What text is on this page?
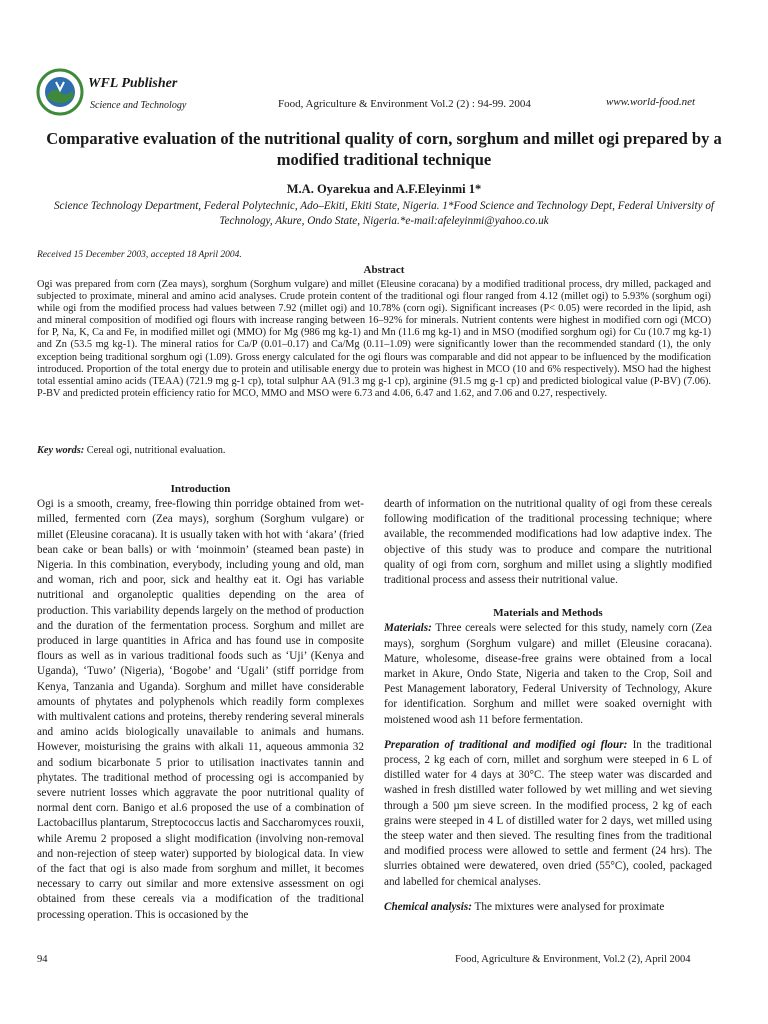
WFL Publisher
Science and Technology	Food, Agriculture & Environment Vol.2 (2) : 94-99. 2004	www.world-food.net
Comparative evaluation of the nutritional quality of corn, sorghum and millet ogi prepared by a modified traditional technique
M.A. Oyarekua and A.F.Eleyinmi 1*
Science Technology Department, Federal Polytechnic, Ado–Ekiti, Ekiti State, Nigeria. 1*Food Science and Technology Dept, Federal University of Technology, Akure, Ondo State, Nigeria.*e-mail:afeleyinmi@yahoo.co.uk
Received 15 December 2003, accepted 18 April 2004.
Abstract
Ogi was prepared from corn (Zea mays), sorghum (Sorghum vulgare) and millet (Eleusine coracana) by a modified traditional process, dry milled, packaged and subjected to proximate, mineral and amino acid analyses. Crude protein content of the traditional ogi flour ranged from 4.12 (millet ogi) to 5.93% (sorghum ogi) while ogi from the modified process had values between 7.92 (millet ogi) and 10.78% (corn ogi). Significant increases (P< 0.05) were recorded in the lipid, ash and mineral composition of modified ogi flours with increase ranging between 16–92% for minerals. Nutrient contents were highest in modified corn ogi (MCO) for P, Na, K, Ca and Fe, in modified millet ogi (MMO) for Mg (986 mg kg-1) and Mn (11.6 mg kg-1) and in MSO (modified sorghum ogi) for Cu (10.7 mg kg-1) and Zn (53.5 mg kg-1). The mineral ratios for Ca/P (0.01–0.17) and Ca/Mg (0.11–1.09) were significantly lower than the recommended standard (1), the only exception being traditional sorghum ogi (1.09). Gross energy calculated for the ogi flours was comparable and did not appear to be influenced by the modification introduced. Proportion of the total energy due to protein and utilisable energy due to protein was highest in MCO (10 and 6% respectively). MSO had the highest total essential amino acids (TEAA) (721.9 mg g-1 cp), total sulphur AA (91.3 mg g-1 cp), arginine (91.5 mg g-1 cp) and predicted biological value (P-BV) (7.06). P-BV and predicted protein efficiency ratio for MCO, MMO and MSO were 6.73 and 4.06, 6.47 and 1.62, and 7.06 and 0.27, respectively.
Key words: Cereal ogi, nutritional evaluation.
Introduction

Ogi is a smooth, creamy, free-flowing thin porridge obtained from wet-milled, fermented corn (Zea mays), sorghum (Sorghum vulgare) or millet (Eleusine coracana). It is usually taken with hot with ‘akara’ (fried bean cake or bean balls) or with ‘moinmoin’ (steamed bean paste) in Nigeria. In this combination, everybody, including young and old, man and woman, rich and poor, sick and healthy eat it. Ogi has variable nutritional and organoleptic qualities depending on the area of production. This variability depends largely on the method of production and the duration of the fermentation process. Sorghum and millet are produced in large quantities in Africa and has found use in composite flours as well as in various traditional foods such as ‘Uji’ (Kenya and Uganda), ‘Tuwo’ (Nigeria), ‘Bogobe’ and ‘Ugali’ (stiff porridge from Kenya, Tanzania and Uganda). Sorghum and millet have considerable amounts of phytates and polyphenols which readily form complexes with multivalent cations and proteins, thereby rendering several minerals and amino acids biologically unavailable to animals and humans. However, moisturising the grains with alkali 11, aqueous ammonia 32 and sodium bicarbonate 5 prior to utilisation inactivates tannin and phytates. The traditional method of processing ogi is accompanied by severe nutrient losses which aggravate the poor nutritional quality of normal dent corn. Banigo et al.6 proposed the use of a combination of Lactobacillus plantarum, Streptococcus lactis and Saccharomyces rouxii, while Aremu 2 proposed a slight modification (involving non-removal and non-rejection of steep water) supported by biological data. In view of the fact that ogi is also made from sorghum and millet, it becomes necessary to carry out similar and more extensive assessment on ogi obtained from these cereals via a modification of the traditional processing operation. This is occasioned by the

dearth of information on the nutritional quality of ogi from these cereals following modification of the traditional processing technique; where available, the recommended modifications had low adaptive index. The objective of this study was to produce and compare the nutritional quality of ogi from corn, sorghum and millet using a slightly modified traditional process and assess their nutritional value.

Materials and Methods

Materials: Three cereals were selected for this study, namely corn (Zea mays), sorghum (Sorghum vulgare) and millet (Eleusine coracana). Mature, wholesome, disease-free grains were obtained from a local market in Akure, Ondo State, Nigeria and taken to the Crop, Soil and Pest Management laboratory, Federal University of Technology, Akure for identification. Sorghum and millet were soaked overnight with moistened wood ash 11 before fermentation.

Preparation of traditional and modified ogi flour: In the traditional process, 2 kg each of corn, millet and sorghum were steeped in 6 L of distilled water for 4 days at 30°C. The steep water was discarded and washed in fresh distilled water followed by wet milling and wet sieving through a 500 µm sieve screen. In the modified process, 2 kg of each grains were steeped in 4 L of distilled water for 2 days, wet milled using the steep water and then sieved. The resulting fines from the traditional and modified process were allowed to settle and ferment (24 hrs). The slurries obtained were dewatered, oven dried (55°C), cooled, packaged and labelled for chemical analyses.

Chemical analysis: The mixtures were analysed for proximate

94	Food, Agriculture & Environment, Vol.2 (2), April 2004
